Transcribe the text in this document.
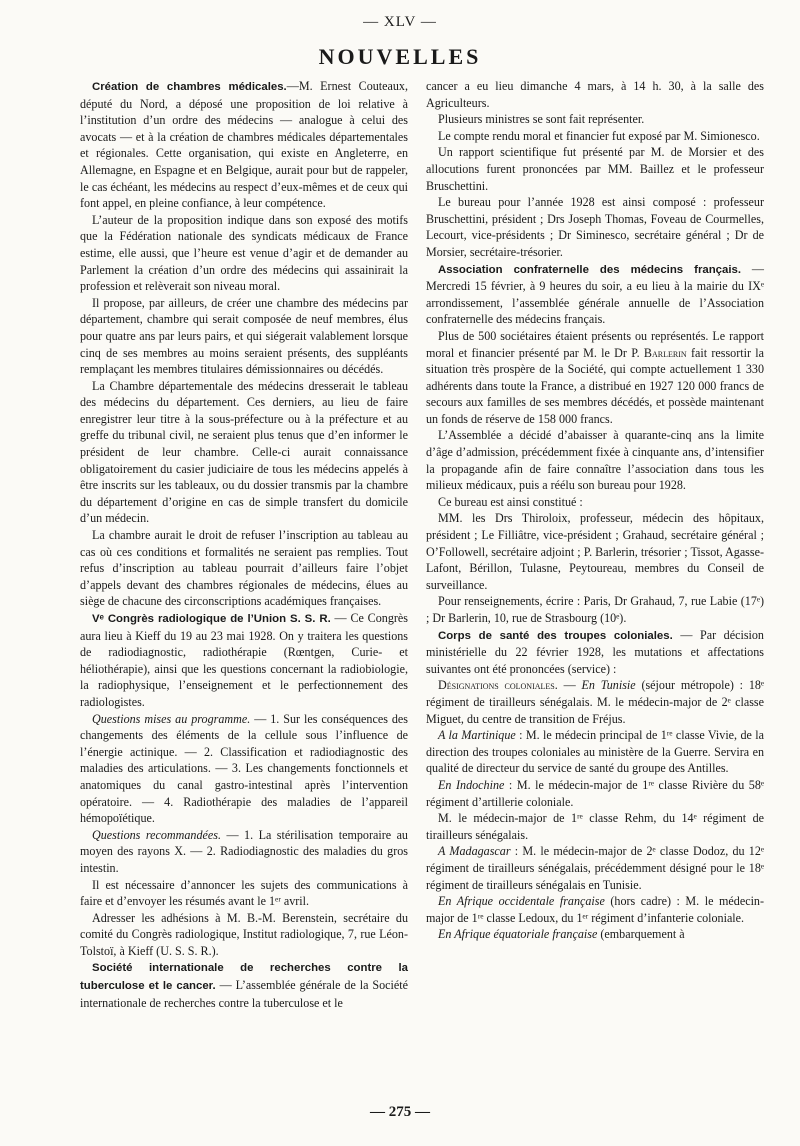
— XLV —
NOUVELLES

Création de chambres médicales.—M. Ernest Couteaux, député du Nord, a déposé une proposition de loi relative à l’institution d’un ordre des médecins — analogue à celui des avocats — et à la création de chambres médicales départementales et régionales. Cette organisation, qui existe en Angleterre, en Allemagne, en Espagne et en Belgique, aurait pour but de rappeler, le cas échéant, les médecins au respect d’eux-mêmes et de ceux qui font appel, en pleine confiance, à leur compétence.

L’auteur de la proposition indique dans son exposé des motifs que la Fédération nationale des syndicats médicaux de France estime, elle aussi, que l’heure est venue d’agir et de demander au Parlement la création d’un ordre des médecins qui assainirait la profession et relèverait son niveau moral.

Il propose, par ailleurs, de créer une chambre des médecins par département, chambre qui serait composée de neuf membres, élus pour quatre ans par leurs pairs, et qui siégerait valablement lorsque cinq de ses membres au moins seraient présents, des suppléants remplaçant les membres titulaires démissionnaires ou décédés.

La Chambre départementale des médecins dresserait le tableau des médecins du département. Ces derniers, au lieu de faire enregistrer leur titre à la sous-préfecture ou à la préfecture et au greffe du tribunal civil, ne seraient plus tenus que d’en informer le président de leur chambre. Celle-ci aurait connaissance obligatoirement du casier judiciaire de tous les médecins appelés à être inscrits sur les tableaux, ou du dossier transmis par la chambre du département d’origine en cas de simple transfert du domicile d’un médecin.

La chambre aurait le droit de refuser l’inscription au tableau au cas où ces conditions et formalités ne seraient pas remplies. Tout refus d’inscription au tableau pourrait d’ailleurs faire l’objet d’appels devant des chambres régionales de médecins, élues au siège de chacune des circonscriptions académiques françaises.

Vᵉ Congrès radiologique de l’Union S. S. R. — Ce Congrès aura lieu à Kieff du 19 au 23 mai 1928. On y traitera les questions de radiodiagnostic, radiothérapie (Rœntgen, Curie- et héliothérapie), ainsi que les questions concernant la radiobiologie, la radiophysique, l’enseignement et le perfectionnement des radiologistes.

Questions mises au programme. — 1. Sur les conséquences des changements des éléments de la cellule sous l’influence de l’énergie actinique. — 2. Classification et radiodiagnostic des maladies des articulations. — 3. Les changements fonctionnels et anatomiques du canal gastro-intestinal après l’intervention opératoire. — 4. Radiothérapie des maladies de l’appareil hémopoïétique.

Questions recommandées. — 1. La stérilisation temporaire au moyen des rayons X. — 2. Radiodiagnostic des maladies du gros intestin.

Il est nécessaire d’annoncer les sujets des communications à faire et d’envoyer les résumés avant le 1ᵉʳ avril.

Adresser les adhésions à M. B.-M. Berenstein, secrétaire du comité du Congrès radiologique, Institut radiologique, 7, rue Léon-Tolstoï, à Kieff (U. S. S. R.).

Société internationale de recherches contre la tuberculose et le cancer. — L’assemblée générale de la Société internationale de recherches contre la tuberculose et le

cancer a eu lieu dimanche 4 mars, à 14 h. 30, à la salle des Agriculteurs.

Plusieurs ministres se sont fait représenter.

Le compte rendu moral et financier fut exposé par M. Simionesco.

Un rapport scientifique fut présenté par M. de Morsier et des allocutions furent prononcées par MM. Baillez et le professeur Bruschettini.

Le bureau pour l’année 1928 est ainsi composé : professeur Bruschettini, président ; Drs Joseph Thomas, Foveau de Courmelles, Lecourt, vice-présidents ; Dr Siminesco, secrétaire général ; Dr de Morsier, secrétaire-trésorier.

Association confraternelle des médecins français. — Mercredi 15 février, à 9 heures du soir, a eu lieu à la mairie du IXᵉ arrondissement, l’assemblée générale annuelle de l’Association confraternelle des médecins français.

Plus de 500 sociétaires étaient présents ou représentés. Le rapport moral et financier présenté par M. le Dr P. Barlerin fait ressortir la situation très prospère de la Société, qui compte actuellement 1 330 adhérents dans toute la France, a distribué en 1927 120 000 francs de secours aux familles de ses membres décédés, et possède maintenant un fonds de réserve de 158 000 francs.

L’Assemblée a décidé d’abaisser à quarante-cinq ans la limite d’âge d’admission, précédemment fixée à cinquante ans, d’intensifier la propagande afin de faire connaître l’association dans tous les milieux médicaux, puis a réélu son bureau pour 1928.

Ce bureau est ainsi constitué :

MM. les Drs Thiroloix, professeur, médecin des hôpitaux, président ; Le Filliâtre, vice-président ; Grahaud, secrétaire général ; O’Followell, secrétaire adjoint ; P. Barlerin, trésorier ; Tissot, Agasse-Lafont, Bérillon, Tulasne, Peytoureau, membres du Conseil de surveillance.

Pour renseignements, écrire : Paris, Dr Grahaud, 7, rue Labie (17ᵉ) ; Dr Barlerin, 10, rue de Strasbourg (10ᵉ).

Corps de santé des troupes coloniales. — Par décision ministérielle du 22 février 1928, les mutations et affectations suivantes ont été prononcées (service) :

Désignations coloniales. — En Tunisie (séjour métropole) : 18ᵉ régiment de tirailleurs sénégalais. M. le médecin-major de 2ᵉ classe Miguet, du centre de transition de Fréjus.

A la Martinique : M. le médecin principal de 1ʳᵉ classe Vivie, de la direction des troupes coloniales au ministère de la Guerre. Servira en qualité de directeur du service de santé du groupe des Antilles.

En Indochine : M. le médecin-major de 1ʳᵉ classe Rivière du 58ᵉ régiment d’artillerie coloniale.

M. le médecin-major de 1ʳᵉ classe Rehm, du 14ᵉ régiment de tirailleurs sénégalais.

A Madagascar : M. le médecin-major de 2ᵉ classe Dodoz, du 12ᵉ régiment de tirailleurs sénégalais, précédemment désigné pour le 18ᵉ régiment de tirailleurs sénégalais en Tunisie.

En Afrique occidentale française (hors cadre) : M. le médecin-major de 1ʳᵉ classe Ledoux, du 1ᵉʳ régiment d’infanterie coloniale.

En Afrique équatoriale française (embarquement à

— 275 —
